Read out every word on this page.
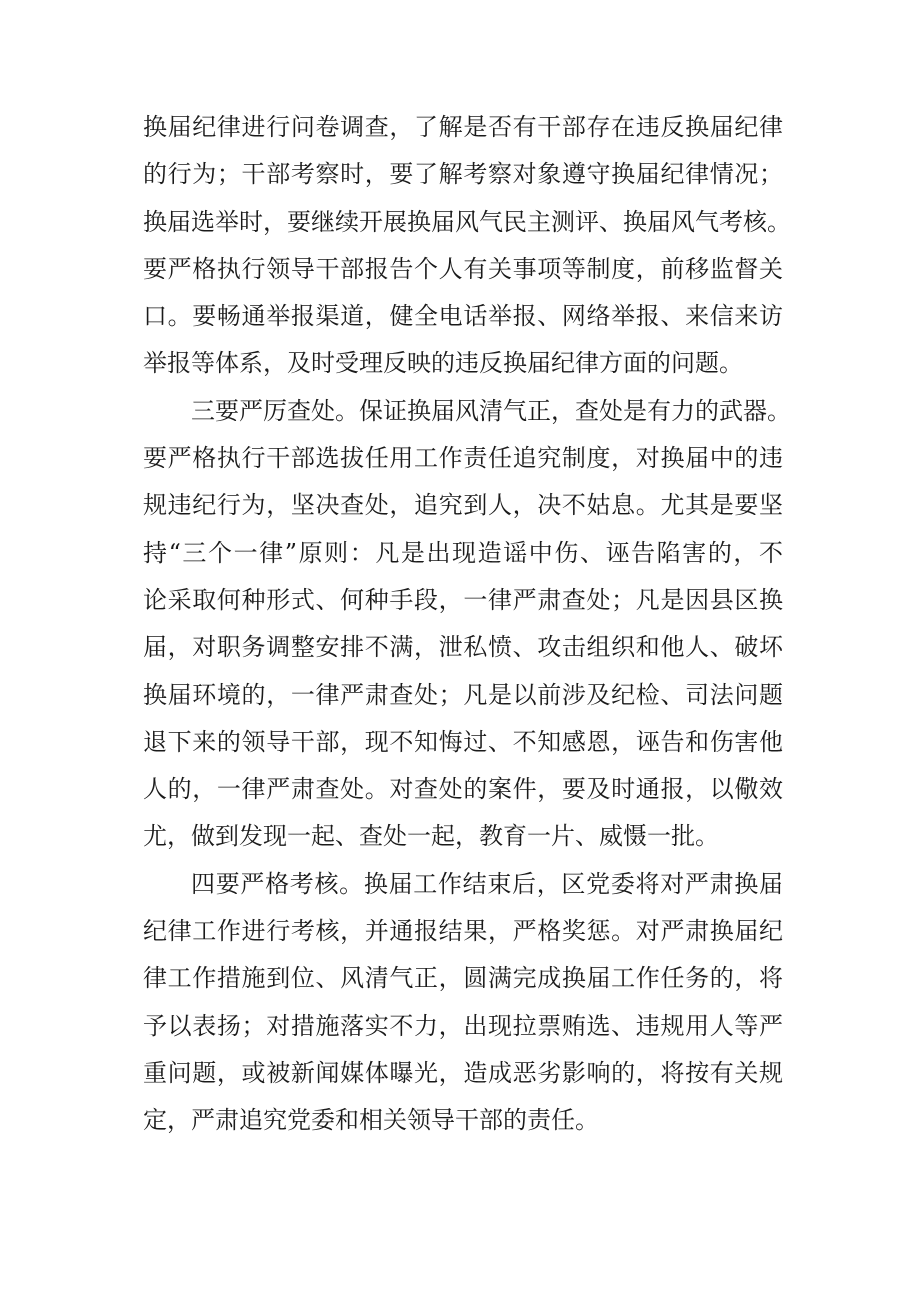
换届纪律进行问卷调查，了解是否有干部存在违反换届纪律
的行为；干部考察时，要了解考察对象遵守换届纪律情况；
换届选举时，要继续开展换届风气民主测评、换届风气考核。
要严格执行领导干部报告个人有关事项等制度，前移监督关
口。要畅通举报渠道，健全电话举报、网络举报、来信来访
举报等体系，及时受理反映的违反换届纪律方面的问题。
三要严厉查处。保证换届风清气正，查处是有力的武器。
要严格执行干部选拔任用工作责任追究制度，对换届中的违
规违纪行为，坚决查处，追究到人，决不姑息。尤其是要坚
持“三个一律”原则：凡是出现造谣中伤、诬告陷害的，不
论采取何种形式、何种手段，一律严肃查处；凡是因县区换
届，对职务调整安排不满，泄私愤、攻击组织和他人、破坏
换届环境的，一律严肃查处；凡是以前涉及纪检、司法问题
退下来的领导干部，现不知悔过、不知感恩，诬告和伤害他
人的，一律严肃查处。对查处的案件，要及时通报，以儆效
尤，做到发现一起、查处一起，教育一片、威慑一批。
四要严格考核。换届工作结束后，区党委将对严肃换届
纪律工作进行考核，并通报结果，严格奖惩。对严肃换届纪
律工作措施到位、风清气正，圆满完成换届工作任务的，将
予以表扬；对措施落实不力，出现拉票贿选、违规用人等严
重问题，或被新闻媒体曝光，造成恶劣影响的，将按有关规
定，严肃追究党委和相关领导干部的责任。
